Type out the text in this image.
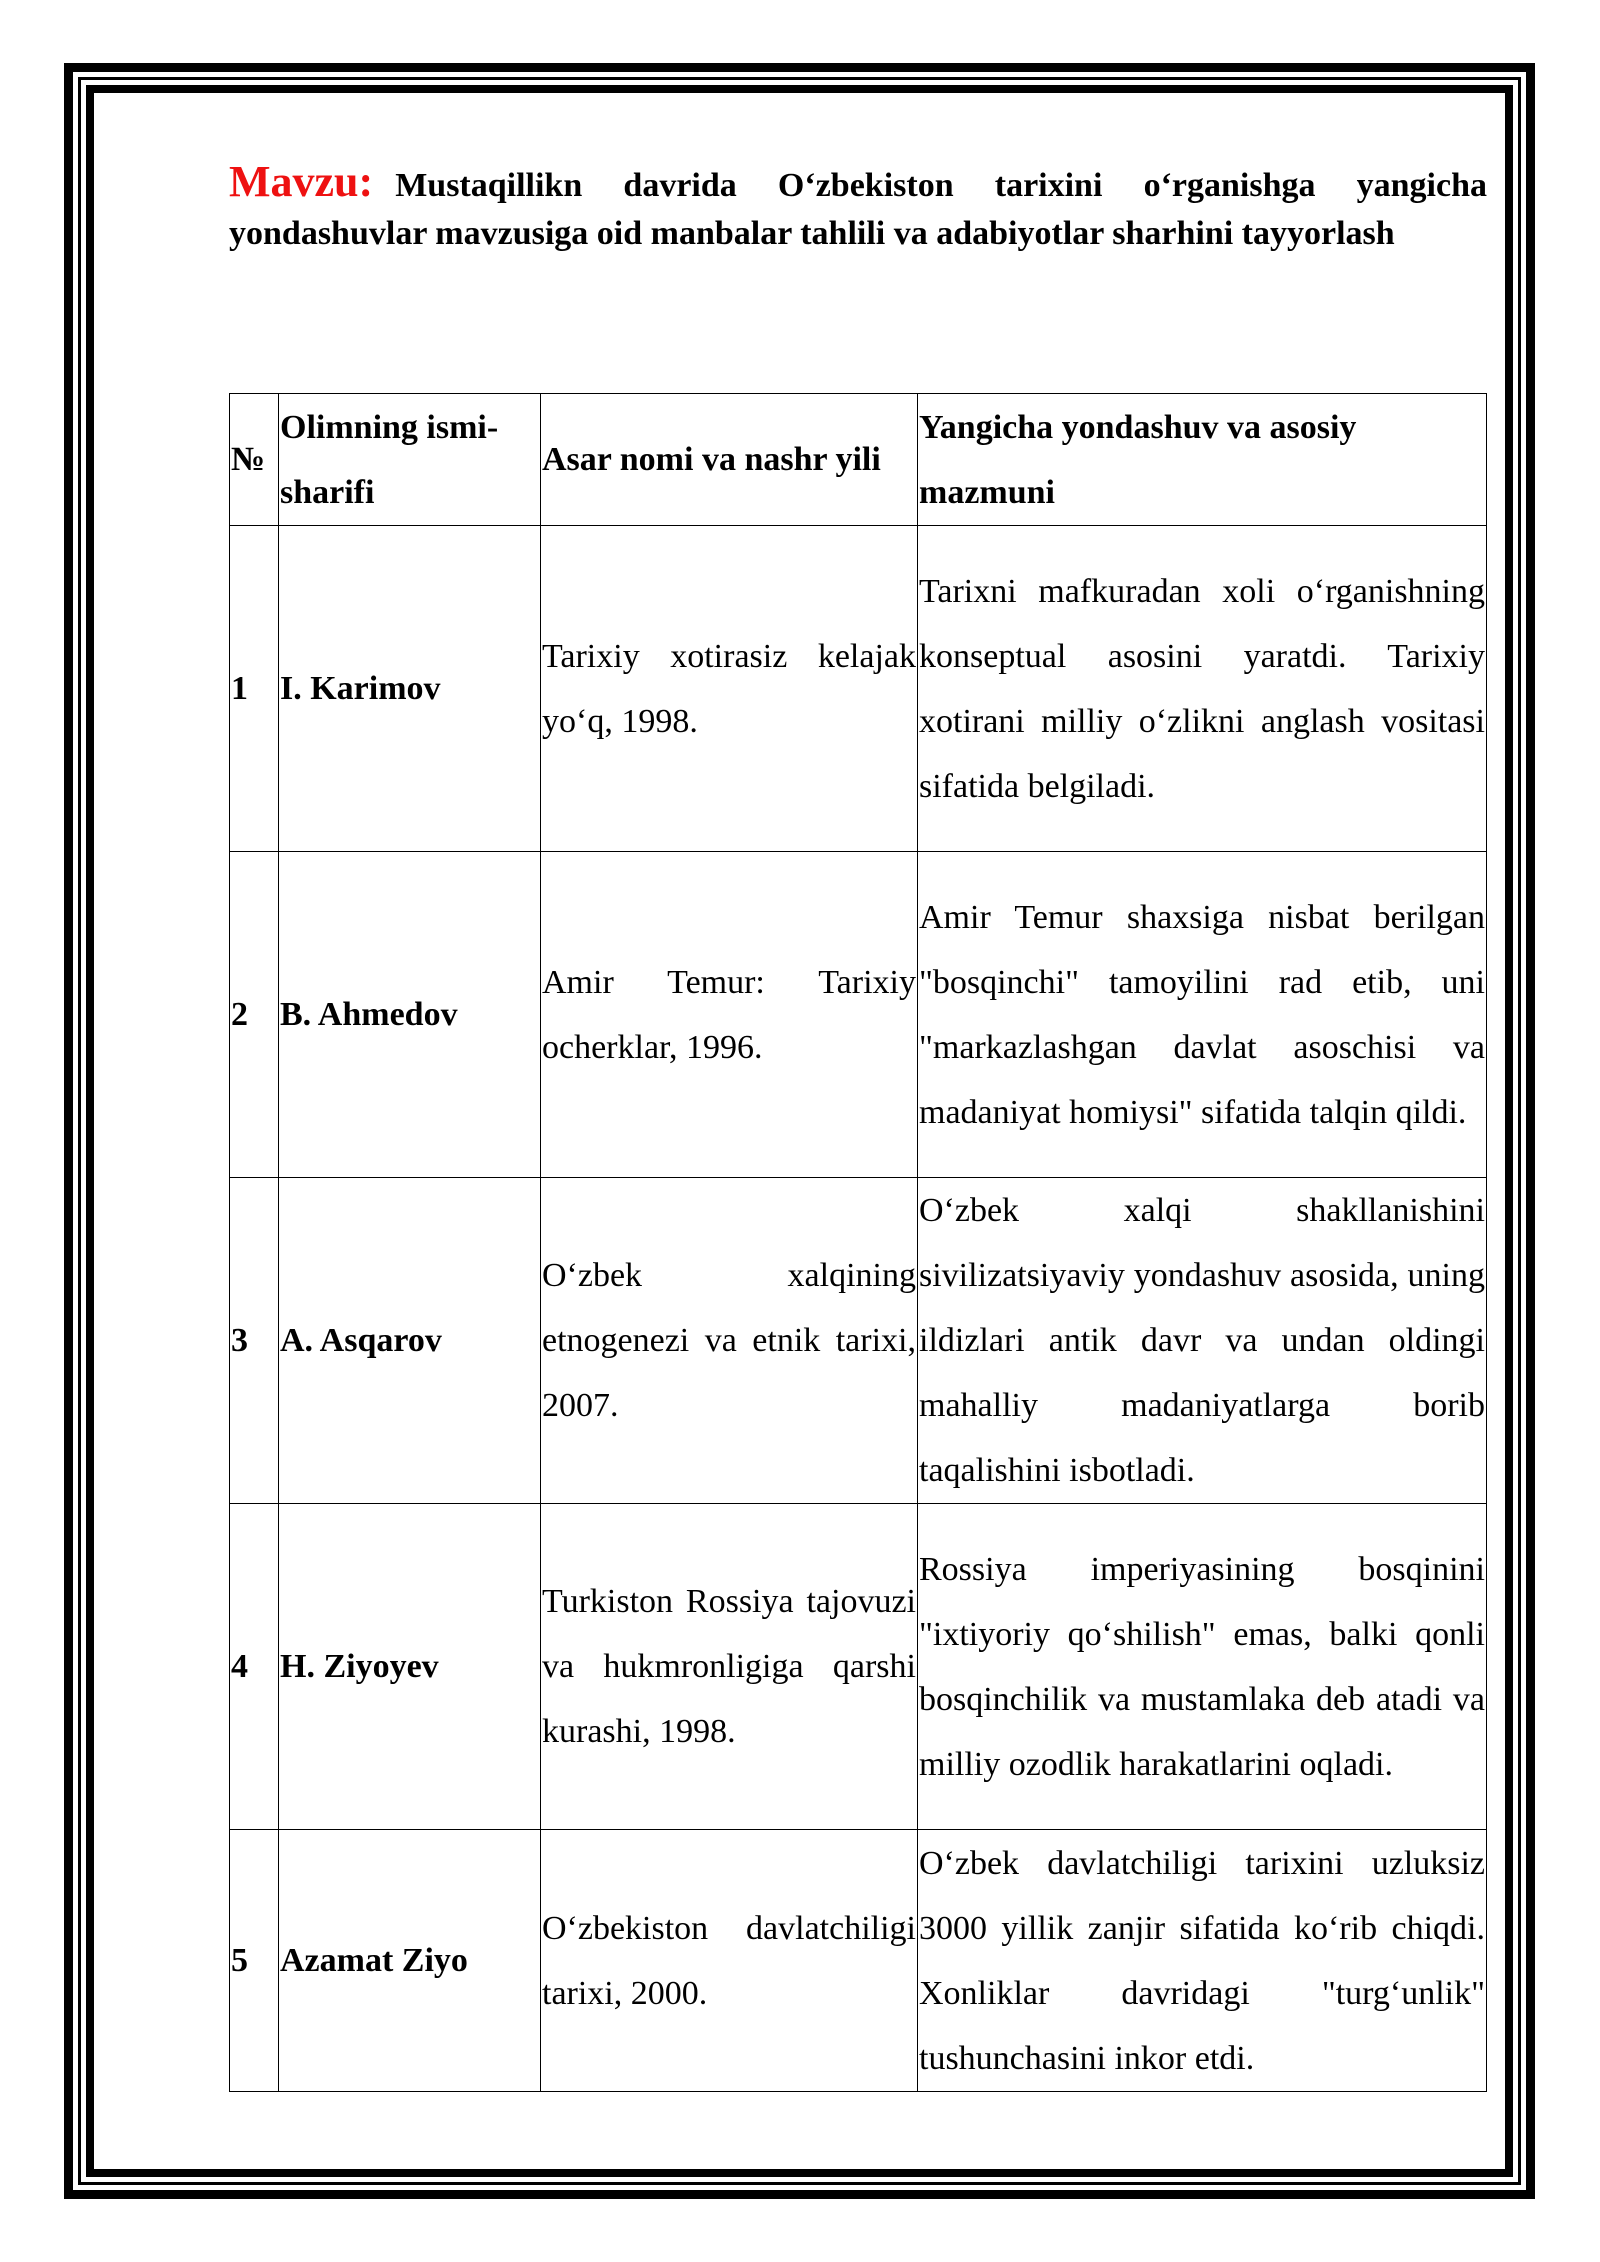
Mavzu: Mustaqillikn davrida O‘zbekiston tarixini o‘rganishga yangicha yondashuvlar mavzusiga oid manbalar tahlili va adabiyotlar sharhini tayyorlash
№	Olimning ismi-sharifi	Asar nomi va nashr yili	Yangicha yondashuv va asosiy mazmuni
1	I. Karimov	Tarixiy xotirasiz kelajak yo‘q, 1998.	Tarixni mafkuradan xoli o‘rganishning konseptual asosini yaratdi. Tarixiy xotirani milliy o‘zlikni anglash vositasi sifatida belgiladi.
2	B. Ahmedov	Amir Temur: Tarixiy ocherklar, 1996.	Amir Temur shaxsiga nisbat berilgan "bosqinchi" tamoyilini rad etib, uni "markazlashgan davlat asoschisi va madaniyat homiysi" sifatida talqin qildi.
3	A. Asqarov	O‘zbek xalqining etnogenezi va etnik tarixi, 2007.	O‘zbek xalqi shakllanishini sivilizatsiyaviy yondashuv asosida, uning ildizlari antik davr va undan oldingi mahalliy madaniyatlarga borib taqalishini isbotladi.
4	H. Ziyoyev	Turkiston Rossiya tajovuzi va hukmronligiga qarshi kurashi, 1998.	Rossiya imperiyasining bosqinini "ixtiyoriy qo‘shilish" emas, balki qonli bosqinchilik va mustamlaka deb atadi va milliy ozodlik harakatlarini oqladi.
5	Azamat Ziyo	O‘zbekiston davlatchiligi tarixi, 2000.	O‘zbek davlatchiligi tarixini uzluksiz 3000 yillik zanjir sifatida ko‘rib chiqdi. Xonliklar davridagi "turg‘unlik" tushunchasini inkor etdi.
